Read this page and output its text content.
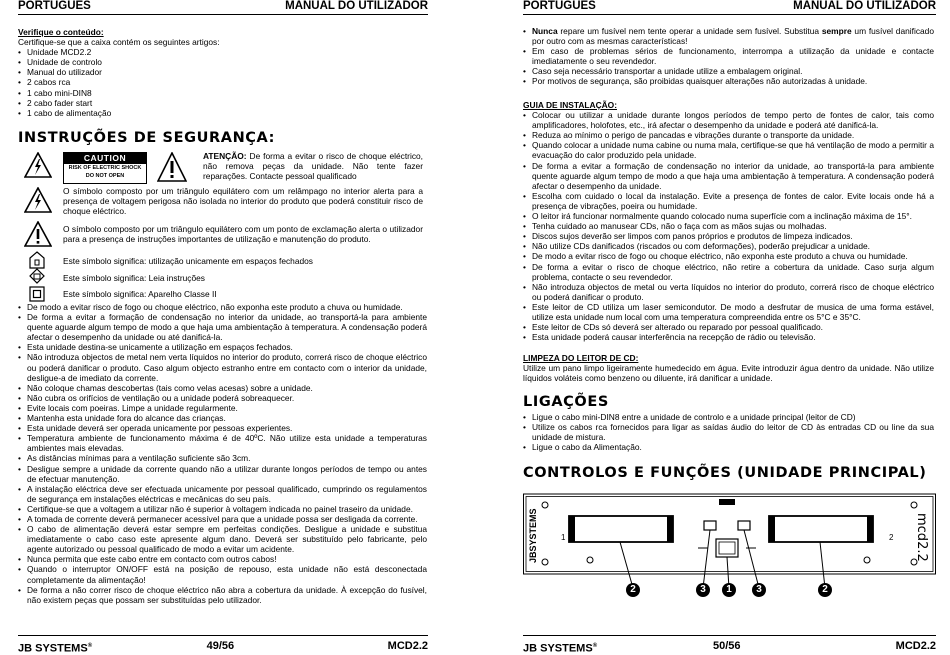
PORTUGUÊS	MANUAL DO UTILIZADOR
Verifique o conteúdo:
Certifique-se que a caixa contém os seguintes artigos:
• Unidade MCD2.2
• Unidade de controlo
• Manual do utilizador
• 2 cabos rca
• 1 cabo mini-DIN8
• 2 cabo fader start
• 1 cabo de alimentação
INSTRUÇÕES DE SEGURANÇA:
CAUTION
RISK OF ELECTRIC SHOCK
DO NOT OPEN
ATENÇÃO: De forma a evitar o risco de choque eléctrico, não remova peças da unidade. Não tente fazer reparações. Contacte pessoal qualificado
O símbolo composto por um triângulo equilátero com um relâmpago no interior alerta para a presença de voltagem perigosa não isolada no interior do produto que poderá constituir risco de choque eléctrico.
O símbolo composto por um triângulo equilátero com um ponto de exclamação alerta o utilizador para a presença de instruções importantes de utilização e manutenção do produto.
Este símbolo significa: utilização unicamente em espaços fechados
Este símbolo significa: Leia instruções
Este símbolo significa: Aparelho Classe II
• De modo a evitar risco de fogo ou choque eléctrico, não exponha este produto a chuva ou humidade.
• De forma a evitar a formação de condensação no interior da unidade, ao transportá-la para ambiente quente aguarde algum tempo de modo a que haja uma ambientação à temperatura. A condensação poderá afectar o desempenho da unidade ou até danificá-la.
• Esta unidade destina-se unicamente a utilização em espaços fechados.
• Não introduza objectos de metal nem verta líquidos no interior do produto, correrá risco de choque eléctrico ou poderá danificar o produto. Caso algum objecto estranho entre em contacto com o interior da unidade, desligue-a de imediato da corrente.
• Não coloque chamas descobertas (tais como velas acesas) sobre a unidade.
• Não cubra os orifícios de ventilação ou a unidade poderá sobreaquecer.
• Evite locais com poeiras. Limpe a unidade regularmente.
• Mantenha esta unidade fora do alcance das crianças.
• Esta unidade deverá ser operada unicamente por pessoas experientes.
• Temperatura ambiente de funcionamento máxima é de 40ºC. Não utilize esta unidade a temperaturas ambientes mais elevadas.
• As distâncias mínimas para a ventilação suficiente são 3cm.
• Desligue sempre a unidade da corrente quando não a utilizar durante longos períodos de tempo ou antes de efectuar manutenção.
• A instalação eléctrica deve ser efectuada unicamente por pessoal qualificado, cumprindo os regulamentos de segurança em instalações eléctricas e mecânicas do seu país.
• Certifique-se que a voltagem a utilizar não é superior à voltagem indicada no painel traseiro da unidade.
• A tomada de corrente deverá permanecer acessível para que a unidade possa ser desligada da corrente.
• O cabo de alimentação deverá estar sempre em perfeitas condições. Desligue a unidade e substitua imediatamente o cabo caso este apresente algum dano. Deverá ser substituído pelo fabricante, pelo agente autorizado ou pessoal qualificado de modo a evitar um acidente.
• Nunca permita que este cabo entre em contacto com outros cabos!
• Quando o interruptor ON/OFF está na posição de repouso, esta unidade não está desconectada completamente da alimentação!
• De forma a não correr risco de choque eléctrico não abra a cobertura da unidade. À excepção do fusível, não existem peças que possam ser substituídas pelo utilizador.
JB SYSTEMS®	49/56	MCD2.2
PORTUGUÊS	MANUAL DO UTILIZADOR
• Nunca repare um fusível nem tente operar a unidade sem fusível. Substitua sempre um fusível danificado por outro com as mesmas características!
• Em caso de problemas sérios de funcionamento, interrompa a utilização da unidade e contacte imediatamente o seu revendedor.
• Caso seja necessário transportar a unidade utilize a embalagem original.
• Por motivos de segurança, são proibidas quaisquer alterações não autorizadas à unidade.
GUIA DE INSTALAÇÃO:
• Colocar ou utilizar a unidade durante longos períodos de tempo perto de fontes de calor, tais como amplificadores, holofotes, etc., irá afectar o desempenho da unidade e poderá até danificá-la.
• Reduza ao mínimo o perigo de pancadas e vibrações durante o transporte da unidade.
• Quando colocar a unidade numa cabine ou numa mala, certifique-se que há ventilação de modo a permitir a evacuação do calor produzido pela unidade.
• De forma a evitar a formação de condensação no interior da unidade, ao transportá-la para ambiente quente aguarde algum tempo de modo a que haja uma ambientação à temperatura. A condensação poderá afectar o desempenho da unidade.
• Escolha com cuidado o local da instalação. Evite a presença de fontes de calor. Evite locais onde há a presença de vibrações, poeira ou humidade.
• O leitor irá funcionar normalmente quando colocado numa superfície com a inclinação máxima de 15°.
• Tenha cuidado ao manusear CDs, não o faça com as mãos sujas ou molhadas.
• Discos sujos deverão ser limpos com panos próprios e produtos de limpeza indicados.
• Não utilize CDs danificados (riscados ou com deformações), poderão prejudicar a unidade.
• De modo a evitar risco de fogo ou choque eléctrico, não exponha este produto a chuva ou humidade.
• De forma a evitar o risco de choque eléctrico, não retire a cobertura da unidade. Caso surja algum problema, contacte o seu revendedor.
• Não introduza objectos de metal ou verta líquidos no interior do produto, correrá risco de choque eléctrico ou poderá danificar o produto.
• Este leitor de CD utiliza um laser semicondutor. De modo a desfrutar de musica de uma forma estável, utilize esta unidade num local com uma temperatura compreendida entre os 5°C e 35°C.
• Este leitor de CDs só deverá ser alterado ou reparado por pessoal qualificado.
• Esta unidade poderá causar interferência na recepção de rádio ou televisão.
LIMPEZA DO LEITOR DE CD:
Utilize um pano limpo ligeiramente humedecido em água. Evite introduzir água dentro da unidade. Não utilize líquidos voláteis como benzeno ou diluente, irá danificar a unidade.
LIGAÇÕES
• Ligue o cabo mini-DIN8 entre a unidade de controlo e a unidade principal (leitor de CD)
• Utilize os cabos rca fornecidos para ligar as saídas áudio do leitor de CD às entradas CD ou line da sua unidade de mistura.
• Ligue o cabo da Alimentação.
CONTROLOS E FUNÇÕES (UNIDADE PRINCIPAL)
JBSYSTEMS	mcd2.2
1	2
2	3	1	3	2
JB SYSTEMS®	50/56	MCD2.2
